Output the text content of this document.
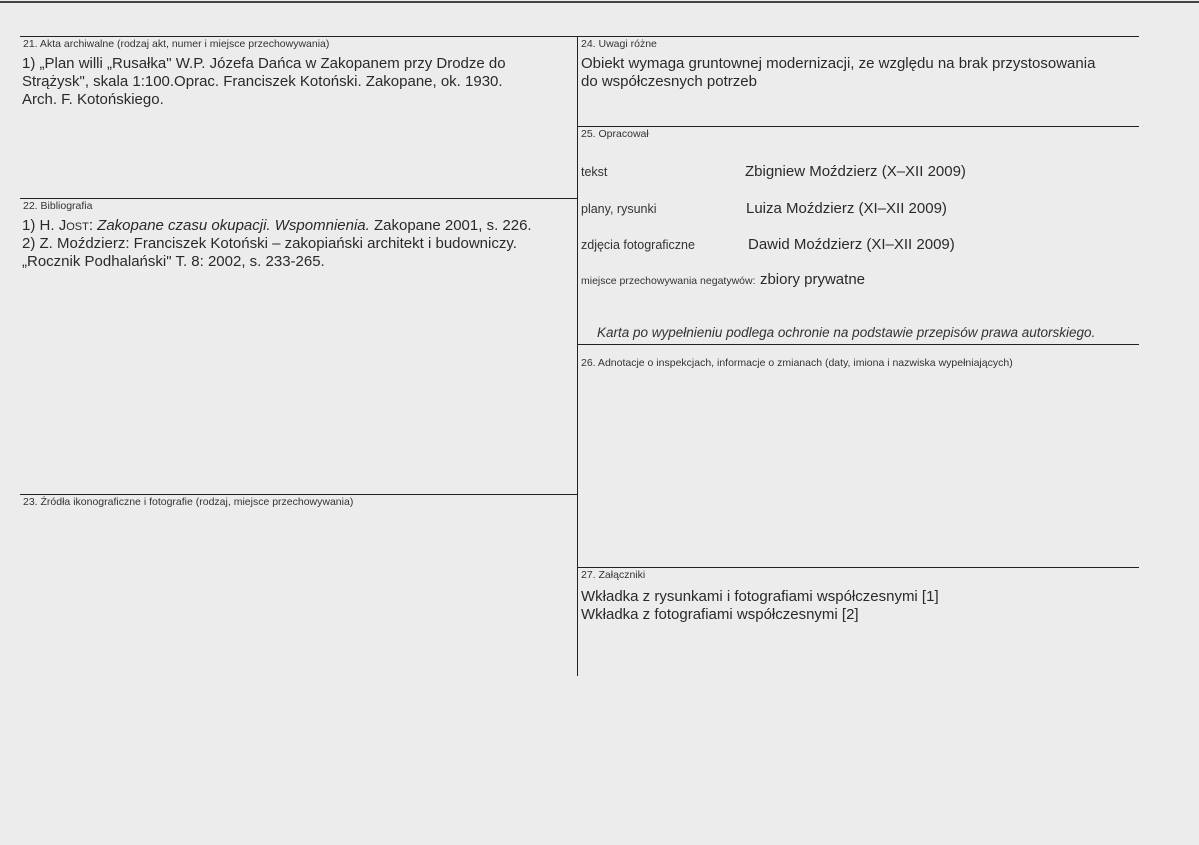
21. Akta archiwalne (rodzaj akt, numer i miejsce przechowywania)
1) „Plan willi „Rusałka" W.P. Józefa Dańca w Zakopanem przy Drodze do
Strążysk", skala 1:100.Oprac. Franciszek Kotoński. Zakopane, ok. 1930.
Arch. F. Kotońskiego.
22. Bibliografia
1) H. Jost: Zakopane czasu okupacji. Wspomnienia. Zakopane 2001, s. 226.
2) Z. Moździerz: Franciszek Kotoński – zakopiański architekt i budowniczy.
„Rocznik Podhalański" T. 8: 2002, s. 233-265.
23. Źródła ikonograficzne i fotografie (rodzaj, miejsce przechowywania)
24. Uwagi różne
Obiekt wymaga gruntownej modernizacji, ze względu na brak przystosowania
do współczesnych potrzeb
25. Opracował
tekst	Zbigniew Moździerz (X–XII 2009)
plany, rysunki	Luiza Moździerz (XI–XII 2009)
zdjęcia fotograficzne	Dawid Moździerz (XI–XII 2009)
miejsce przechowywania negatywów: zbiory prywatne
Karta po wypełnieniu podlega ochronie na podstawie przepisów prawa autorskiego.
26. Adnotacje o inspekcjach, informacje o zmianach (daty, imiona i nazwiska wypełniających)
27. Załączniki
Wkładka z rysunkami i fotografiami współczesnymi [1]
Wkładka z fotografiami współczesnymi [2]
